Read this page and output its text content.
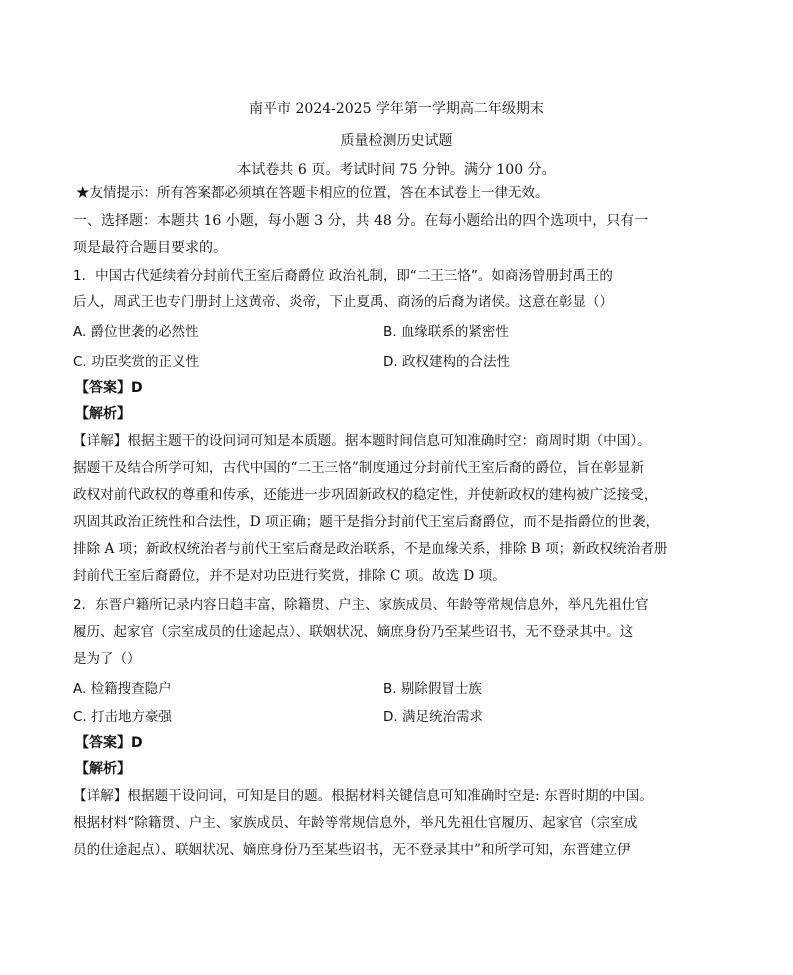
南平市 2024-2025 学年第一学期高二年级期末
质量检测历史试题
本试卷共 6 页。考试时间 75 分钟。满分 100 分。
★友情提示：所有答案都必须填在答题卡相应的位置，答在本试卷上一律无效。
一、选择题：本题共 16 小题，每小题 3 分，共 48 分。在每小题给出的四个选项中，只有一
项是最符合题目要求的。
1．中国古代延续着分封前代王室后裔爵位 政治礼制，即“二王三恪”。如商汤曾册封禹王的
后人，周武王也专门册封上这黄帝、炎帝，下止夏禹、商汤的后裔为诸侯。这意在彰显（）
A. 爵位世袭的必然性	B. 血缘联系的紧密性
C. 功臣奖赏的正义性	D. 政权建构的合法性
【答案】D
【解析】
【详解】根据主题干的设问词可知是本质题。据本题时间信息可知准确时空：商周时期（中国）。
据题干及结合所学可知，古代中国的“二王三恪”制度通过分封前代王室后裔的爵位，旨在彰显新
政权对前代政权的尊重和传承，还能进一步巩固新政权的稳定性，并使新政权的建构被广泛接受，
巩固其政治正统性和合法性，D 项正确；题干是指分封前代王室后裔爵位，而不是指爵位的世袭，
排除 A 项；新政权统治者与前代王室后裔是政治联系，不是血缘关系，排除 B 项；新政权统治者册
封前代王室后裔爵位，并不是对功臣进行奖赏，排除 C 项。故选 D 项。
2．东晋户籍所记录内容日趋丰富，除籍贯、户主、家族成员、年龄等常规信息外，举凡先祖仕官
履历、起家官（宗室成员的仕途起点）、联姻状况、嫡庶身份乃至某些诏书，无不登录其中。这
是为了（）
A. 检籍搜查隐户	B. 剔除假冒士族
C. 打击地方豪强	D. 满足统治需求
【答案】D
【解析】
【详解】根据题干设问词，可知是目的题。根据材料关键信息可知准确时空是: 东晋时期的中国。
根据材料“除籍贯、户主、家族成员、年龄等常规信息外，举凡先祖仕官履历、起家官（宗室成
员的仕途起点）、联姻状况、嫡庶身份乃至某些诏书，无不登录其中”和所学可知，东晋建立伊
